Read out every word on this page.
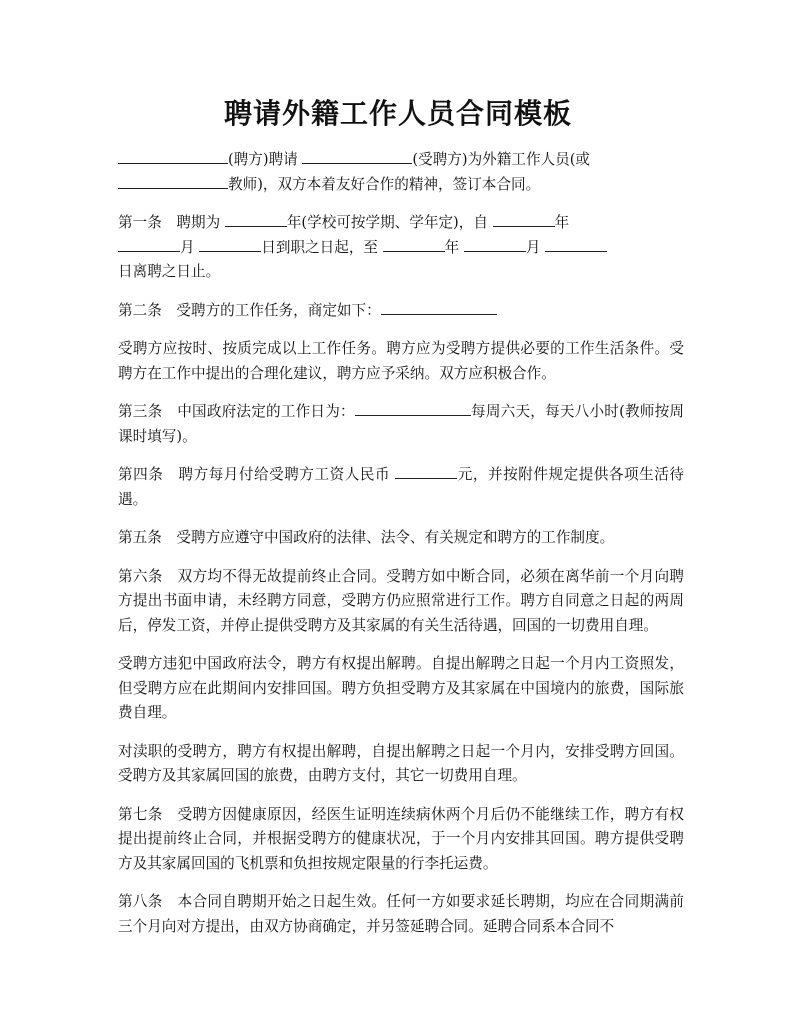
聘请外籍工作人员合同模板

(聘方)聘请	(受聘方)为外籍工作人员(或
教师)，双方本着友好合作的精神，签订本合同。

第一条　聘期为	年(学校可按学期、学年定)，自	年
月	日到职之日起，至	年	月
日离聘之日止。

第二条　受聘方的工作任务，商定如下：

受聘方应按时、按质完成以上工作任务。聘方应为受聘方提供必要的工作生活条件。受聘方在工作中提出的合理化建议，聘方应予采纳。双方应积极合作。

第三条　中国政府法定的工作日为：	每周六天，每天八小时(教师按周课时填写)。

第四条　聘方每月付给受聘方工资人民币	元，并按附件规定提供各项生活待遇。

第五条　受聘方应遵守中国政府的法律、法令、有关规定和聘方的工作制度。

第六条　双方均不得无故提前终止合同。受聘方如中断合同，必须在离华前一个月向聘方提出书面申请，未经聘方同意，受聘方仍应照常进行工作。聘方自同意之日起的两周后，停发工资，并停止提供受聘方及其家属的有关生活待遇，回国的一切费用自理。

受聘方违犯中国政府法令，聘方有权提出解聘。自提出解聘之日起一个月内工资照发，但受聘方应在此期间内安排回国。聘方负担受聘方及其家属在中国境内的旅费，国际旅费自理。

对渎职的受聘方，聘方有权提出解聘，自提出解聘之日起一个月内，安排受聘方回国。受聘方及其家属回国的旅费，由聘方支付，其它一切费用自理。

第七条　受聘方因健康原因，经医生证明连续病休两个月后仍不能继续工作，聘方有权提出提前终止合同，并根据受聘方的健康状况，于一个月内安排其回国。聘方提供受聘方及其家属回国的飞机票和负担按规定限量的行李托运费。

第八条　本合同自聘期开始之日起生效。任何一方如要求延长聘期，均应在合同期满前三个月向对方提出，由双方协商确定，并另签延聘合同。延聘合同系本合同不
